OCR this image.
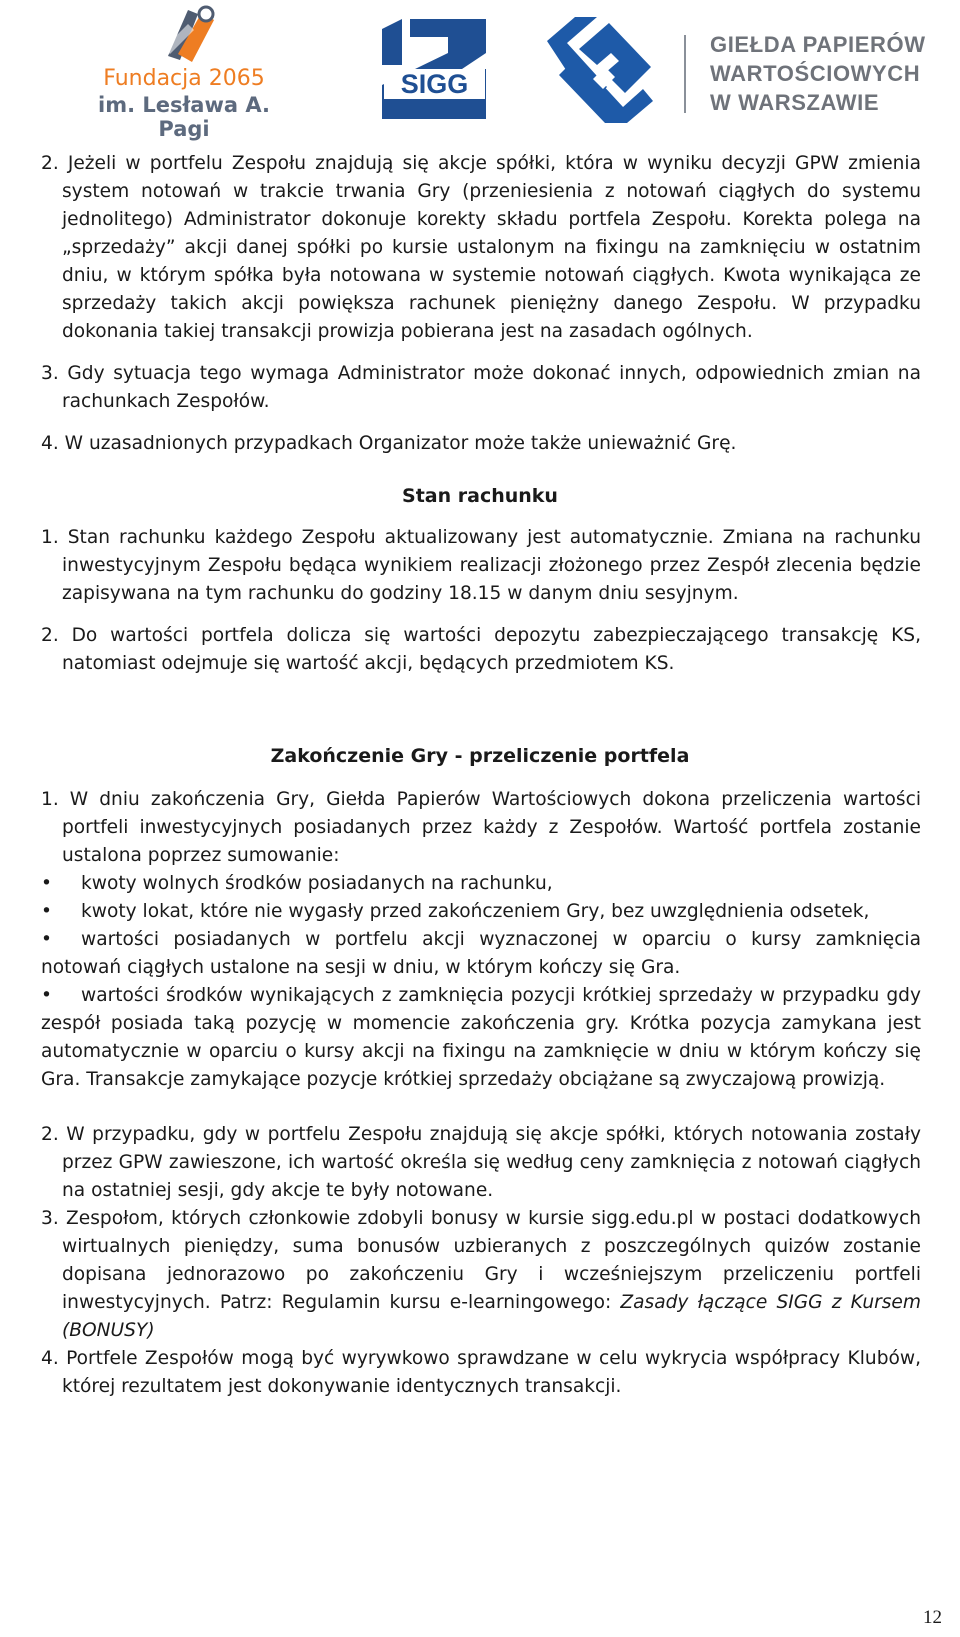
Fundacja 2065
im. Lesława A. Pagi
SIGG
GIEŁDA PAPIERÓW
WARTOŚCIOWYCH
W WARSZAWIE

2. Jeżeli w portfelu Zespołu znajdują się akcje spółki, która w wyniku decyzji GPW zmienia system notowań w trakcie trwania Gry (przeniesienia z notowań ciągłych do systemu jednolitego) Administrator dokonuje korekty składu portfela Zespołu. Korekta polega na „sprzedaży” akcji danej spółki po kursie ustalonym na fixingu na zamknięciu w ostatnim dniu, w którym spółka była notowana w systemie notowań ciągłych. Kwota wynikająca ze sprzedaży takich akcji powiększa rachunek pieniężny danego Zespołu. W przypadku dokonania takiej transakcji prowizja pobierana jest na zasadach ogólnych.

3. Gdy sytuacja tego wymaga Administrator może dokonać innych, odpowiednich zmian na rachunkach Zespołów.

4. W uzasadnionych przypadkach Organizator może także unieważnić Grę.

Stan rachunku

1. Stan rachunku każdego Zespołu aktualizowany jest automatycznie. Zmiana na rachunku inwestycyjnym Zespołu będąca wynikiem realizacji złożonego przez Zespół zlecenia będzie zapisywana na tym rachunku do godziny 18.15 w danym dniu sesyjnym.

2. Do wartości portfela dolicza się wartości depozytu zabezpieczającego transakcję KS, natomiast odejmuje się wartość akcji, będących przedmiotem KS.

Zakończenie Gry - przeliczenie portfela

1. W dniu zakończenia Gry, Giełda Papierów Wartościowych dokona przeliczenia wartości portfeli inwestycyjnych posiadanych przez każdy z Zespołów. Wartość portfela zostanie ustalona poprzez sumowanie:

• kwoty wolnych środków posiadanych na rachunku,
• kwoty lokat, które nie wygasły przed zakończeniem Gry, bez uwzględnienia odsetek,
• wartości posiadanych w portfelu akcji wyznaczonej w oparciu o kursy zamknięcia notowań ciągłych ustalone na sesji w dniu, w którym kończy się Gra.
• wartości środków wynikających z zamknięcia pozycji krótkiej sprzedaży w przypadku gdy zespół posiada taką pozycję w momencie zakończenia gry. Krótka pozycja zamykana jest automatycznie w oparciu o kursy akcji na fixingu na zamknięcie w dniu w którym kończy się Gra. Transakcje zamykające pozycje krótkiej sprzedaży obciążane są zwyczajową prowizją.

2. W przypadku, gdy w portfelu Zespołu znajdują się akcje spółki, których notowania zostały przez GPW zawieszone, ich wartość określa się według ceny zamknięcia z notowań ciągłych na ostatniej sesji, gdy akcje te były notowane.

3. Zespołom, których członkowie zdobyli bonusy w kursie sigg.edu.pl w postaci dodatkowych wirtualnych pieniędzy, suma bonusów uzbieranych z poszczególnych quizów zostanie dopisana jednorazowo po zakończeniu Gry i wcześniejszym przeliczeniu portfeli inwestycyjnych. Patrz: Regulamin kursu e-learningowego: Zasady łączące SIGG z Kursem (BONUSY)

4. Portfele Zespołów mogą być wyrywkowo sprawdzane w celu wykrycia współpracy Klubów, której rezultatem jest dokonywanie identycznych transakcji.

12
